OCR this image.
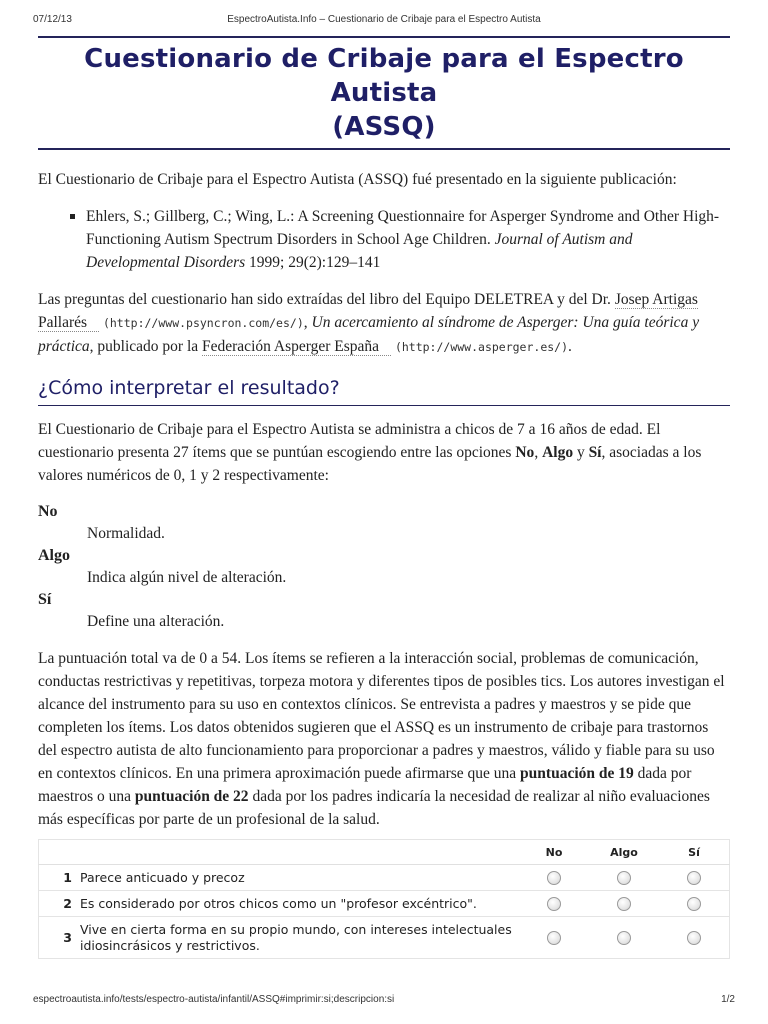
07/12/13	EspectroAutista.Info – Cuestionario de Cribaje para el Espectro Autista
Cuestionario de Cribaje para el Espectro Autista
(ASSQ)

El Cuestionario de Cribaje para el Espectro Autista (ASSQ) fué presentado en la siguiente publicación:

Ehlers, S.; Gillberg, C.; Wing, L.: A Screening Questionnaire for Asperger Syndrome and Other High-Functioning Autism Spectrum Disorders in School Age Children. Journal of Autism and Developmental Disorders 1999; 29(2):129–141

Las preguntas del cuestionario han sido extraídas del libro del Equipo DELETREA y del Dr. Josep Artigas Pallarés (http://www.psyncron.com/es/), Un acercamiento al síndrome de Asperger: Una guía teórica y práctica, publicado por la Federación Asperger España (http://www.asperger.es/).

¿Cómo interpretar el resultado?

El Cuestionario de Cribaje para el Espectro Autista se administra a chicos de 7 a 16 años de edad. El cuestionario presenta 27 ítems que se puntúan escogiendo entre las opciones No, Algo y Sí, asociadas a los valores numéricos de 0, 1 y 2 respectivamente:

No
Normalidad.
Algo
Indica algún nivel de alteración.
Sí
Define una alteración.

La puntuación total va de 0 a 54. Los ítems se refieren a la interacción social, problemas de comunicación, conductas restrictivas y repetitivas, torpeza motora y diferentes tipos de posibles tics. Los autores investigan el alcance del instrumento para su uso en contextos clínicos. Se entrevista a padres y maestros y se pide que completen los ítems. Los datos obtenidos sugieren que el ASSQ es un instrumento de cribaje para trastornos del espectro autista de alto funcionamiento para proporcionar a padres y maestros, válido y fiable para su uso en contextos clínicos. En una primera aproximación puede afirmarse que una puntuación de 19 dada por maestros o una puntuación de 22 dada por los padres indicaría la necesidad de realizar al niño evaluaciones más específicas por parte de un profesional de la salud.

		No	Algo	Sí
1	Parece anticuado y precoz			
2	Es considerado por otros chicos como un "profesor excéntrico".			
3	Vive en cierta forma en su propio mundo, con intereses intelectuales idiosincrásicos y restrictivos.			
espectroautista.info/tests/espectro-autista/infantil/ASSQ#imprimir:si;descripcion:si	1/2
